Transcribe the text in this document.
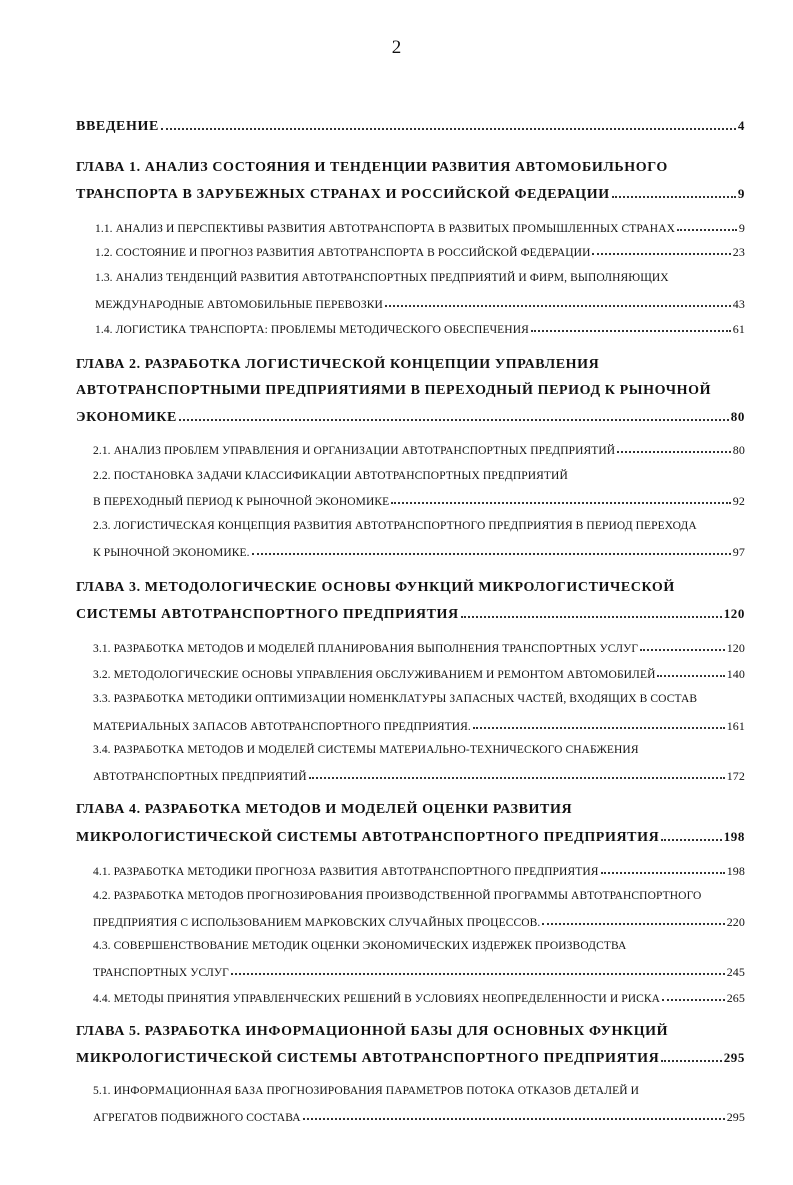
2
ВВЕДЕНИЕ	4
ГЛАВА 1. АНАЛИЗ СОСТОЯНИЯ И ТЕНДЕНЦИИ РАЗВИТИЯ АВТОМОБИЛЬНОГО
ТРАНСПОРТА В ЗАРУБЕЖНЫХ СТРАНАХ И РОССИЙСКОЙ ФЕДЕРАЦИИ	9
1.1. АНАЛИЗ И ПЕРСПЕКТИВЫ РАЗВИТИЯ АВТОТРАНСПОРТА В РАЗВИТЫХ ПРОМЫШЛЕННЫХ СТРАНАХ	9
1.2. СОСТОЯНИЕ И ПРОГНОЗ РАЗВИТИЯ АВТОТРАНСПОРТА В РОССИЙСКОЙ ФЕДЕРАЦИИ	23
1.3. АНАЛИЗ ТЕНДЕНЦИЙ РАЗВИТИЯ АВТОТРАНСПОРТНЫХ ПРЕДПРИЯТИЙ И ФИРМ, ВЫПОЛНЯЮЩИХ
МЕЖДУНАРОДНЫЕ АВТОМОБИЛЬНЫЕ ПЕРЕВОЗКИ	43
1.4. ЛОГИСТИКА ТРАНСПОРТА: ПРОБЛЕМЫ МЕТОДИЧЕСКОГО ОБЕСПЕЧЕНИЯ	61
ГЛАВА 2. РАЗРАБОТКА ЛОГИСТИЧЕСКОЙ КОНЦЕПЦИИ УПРАВЛЕНИЯ
АВТОТРАНСПОРТНЫМИ ПРЕДПРИЯТИЯМИ В ПЕРЕХОДНЫЙ ПЕРИОД К РЫНОЧНОЙ
ЭКОНОМИКЕ	80
2.1. АНАЛИЗ ПРОБЛЕМ УПРАВЛЕНИЯ И ОРГАНИЗАЦИИ АВТОТРАНСПОРТНЫХ ПРЕДПРИЯТИЙ	80
2.2. ПОСТАНОВКА ЗАДАЧИ КЛАССИФИКАЦИИ АВТОТРАНСПОРТНЫХ ПРЕДПРИЯТИЙ
В ПЕРЕХОДНЫЙ ПЕРИОД К РЫНОЧНОЙ ЭКОНОМИКЕ	92
2.3. ЛОГИСТИЧЕСКАЯ КОНЦЕПЦИЯ РАЗВИТИЯ АВТОТРАНСПОРТНОГО ПРЕДПРИЯТИЯ В ПЕРИОД ПЕРЕХОДА
К РЫНОЧНОЙ ЭКОНОМИКЕ.	97
ГЛАВА 3. МЕТОДОЛОГИЧЕСКИЕ ОСНОВЫ ФУНКЦИЙ МИКРОЛОГИСТИЧЕСКОЙ
СИСТЕМЫ АВТОТРАНСПОРТНОГО ПРЕДПРИЯТИЯ	120
3.1. РАЗРАБОТКА МЕТОДОВ И МОДЕЛЕЙ ПЛАНИРОВАНИЯ ВЫПОЛНЕНИЯ ТРАНСПОРТНЫХ УСЛУГ	120
3.2. МЕТОДОЛОГИЧЕСКИЕ ОСНОВЫ УПРАВЛЕНИЯ ОБСЛУЖИВАНИЕМ И РЕМОНТОМ АВТОМОБИЛЕЙ	140
3.3. РАЗРАБОТКА МЕТОДИКИ ОПТИМИЗАЦИИ НОМЕНКЛАТУРЫ ЗАПАСНЫХ ЧАСТЕЙ, ВХОДЯЩИХ В СОСТАВ
МАТЕРИАЛЬНЫХ ЗАПАСОВ АВТОТРАНСПОРТНОГО ПРЕДПРИЯТИЯ.	161
3.4. РАЗРАБОТКА МЕТОДОВ И МОДЕЛЕЙ СИСТЕМЫ МАТЕРИАЛЬНО-ТЕХНИЧЕСКОГО СНАБЖЕНИЯ
АВТОТРАНСПОРТНЫХ ПРЕДПРИЯТИЙ	172
ГЛАВА 4. РАЗРАБОТКА МЕТОДОВ И МОДЕЛЕЙ ОЦЕНКИ РАЗВИТИЯ
МИКРОЛОГИСТИЧЕСКОЙ СИСТЕМЫ АВТОТРАНСПОРТНОГО ПРЕДПРИЯТИЯ	198
4.1. РАЗРАБОТКА МЕТОДИКИ ПРОГНОЗА РАЗВИТИЯ АВТОТРАНСПОРТНОГО ПРЕДПРИЯТИЯ	198
4.2. РАЗРАБОТКА МЕТОДОВ ПРОГНОЗИРОВАНИЯ ПРОИЗВОДСТВЕННОЙ ПРОГРАММЫ АВТОТРАНСПОРТНОГО
ПРЕДПРИЯТИЯ С ИСПОЛЬЗОВАНИЕМ МАРКОВСКИХ СЛУЧАЙНЫХ ПРОЦЕССОВ.	220
4.3. СОВЕРШЕНСТВОВАНИЕ МЕТОДИК ОЦЕНКИ ЭКОНОМИЧЕСКИХ ИЗДЕРЖЕК ПРОИЗВОДСТВА
ТРАНСПОРТНЫХ УСЛУГ	245
4.4. МЕТОДЫ ПРИНЯТИЯ УПРАВЛЕНЧЕСКИХ РЕШЕНИЙ В УСЛОВИЯХ НЕОПРЕДЕЛЕННОСТИ И РИСКА	265
ГЛАВА 5. РАЗРАБОТКА ИНФОРМАЦИОННОЙ БАЗЫ ДЛЯ ОСНОВНЫХ ФУНКЦИЙ
МИКРОЛОГИСТИЧЕСКОЙ СИСТЕМЫ АВТОТРАНСПОРТНОГО ПРЕДПРИЯТИЯ	295
5.1. ИНФОРМАЦИОННАЯ БАЗА ПРОГНОЗИРОВАНИЯ ПАРАМЕТРОВ ПОТОКА ОТКАЗОВ ДЕТАЛЕЙ И
АГРЕГАТОВ ПОДВИЖНОГО СОСТАВА	295
